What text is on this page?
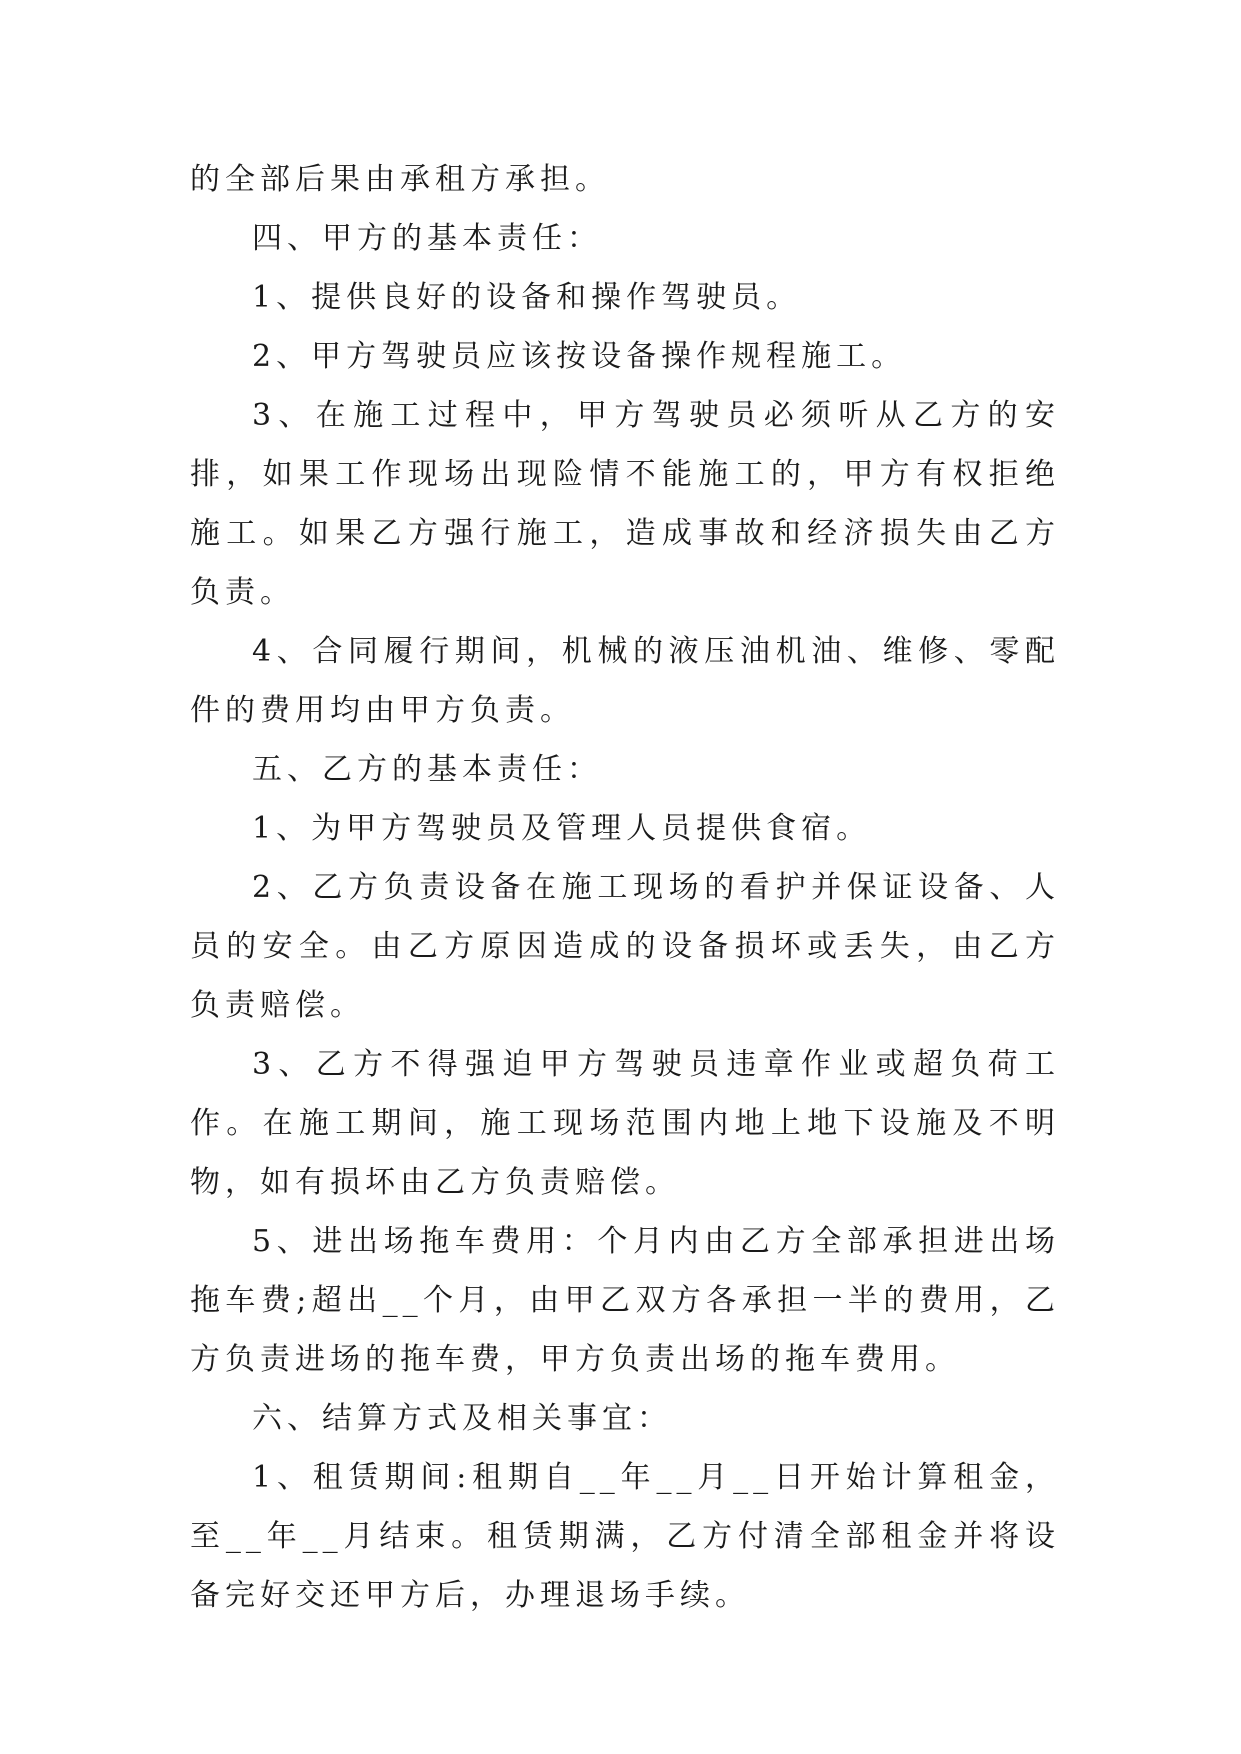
的全部后果由承租方承担。

四、甲方的基本责任：

1、提供良好的设备和操作驾驶员。

2、甲方驾驶员应该按设备操作规程施工。

3、在施工过程中，甲方驾驶员必须听从乙方的安排，如果工作现场出现险情不能施工的，甲方有权拒绝施工。如果乙方强行施工，造成事故和经济损失由乙方负责。

4、合同履行期间，机械的液压油机油、维修、零配件的费用均由甲方负责。

五、乙方的基本责任：

1、为甲方驾驶员及管理人员提供食宿。

2、乙方负责设备在施工现场的看护并保证设备、人员的安全。由乙方原因造成的设备损坏或丢失，由乙方负责赔偿。

3、乙方不得强迫甲方驾驶员违章作业或超负荷工作。在施工期间，施工现场范围内地上地下设施及不明物，如有损坏由乙方负责赔偿。

5、进出场拖车费用：个月内由乙方全部承担进出场拖车费;超出__个月，由甲乙双方各承担一半的费用，乙方负责进场的拖车费，甲方负责出场的拖车费用。

六、结算方式及相关事宜：

1、租赁期间:租期自__年__月__日开始计算租金，至__年__月结束。租赁期满，乙方付清全部租金并将设备完好交还甲方后，办理退场手续。
